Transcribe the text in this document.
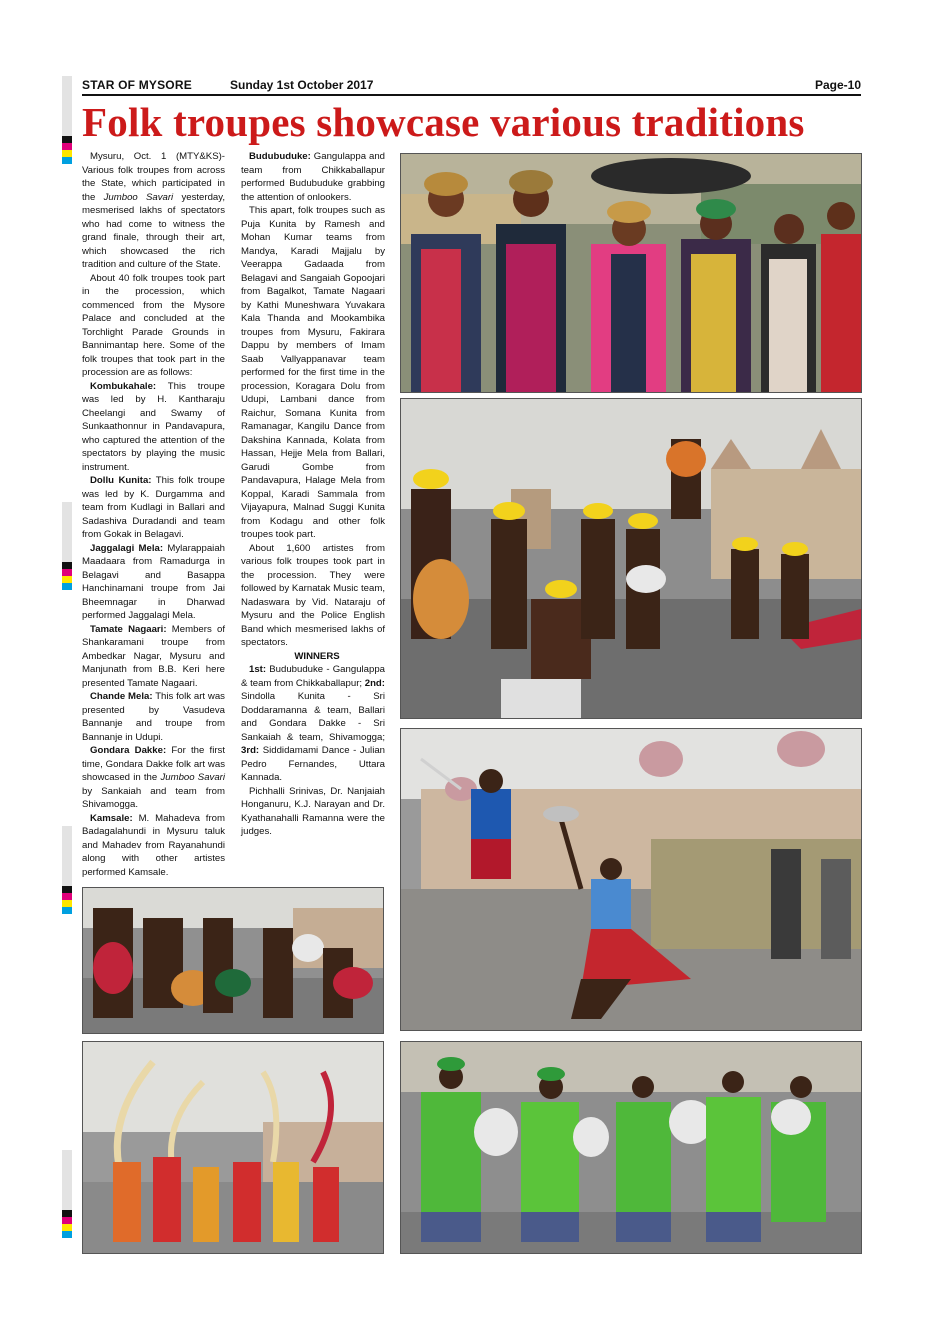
STAR OF MYSORE	Sunday 1st October 2017	Page-10
Folk troupes showcase various traditions

Mysuru, Oct. 1 (MTY&KS)- Various folk troupes from across the State, which participated in the Jumboo Savari yesterday, mesmerised lakhs of spectators who had come to witness the grand finale, through their art, which showcased the rich tradition and culture of the State.

About 40 folk troupes took part in the procession, which commenced from the Mysore Palace and concluded at the Torchlight Parade Grounds in Bannimantap here. Some of the folk troupes that took part in the procession are as follows:

Kombukahale: This troupe was led by H. Kantharaju Cheelangi and Swamy of Sunkaathonnur in Pandavapura, who captured the attention of the spectators by playing the music instrument.

Dollu Kunita: This folk troupe was led by K. Durgamma and team from Kudlagi in Ballari and Sadashiva Duradandi and team from Gokak in Belagavi.

Jaggalagi Mela: Mylarappaiah Maadaara from Ramadurga in Belagavi and Basappa Hanchinamani troupe from Jai Bheemnagar in Dharwad performed Jaggalagi Mela.

Tamate Nagaari: Members of Shankaramani troupe from Ambedkar Nagar, Mysuru and Manjunath from B.B. Keri here presented Tamate Nagaari.

Chande Mela: This folk art was presented by Vasudeva Bannanje and troupe from Bannanje in Udupi.

Gondara Dakke: For the first time, Gondara Dakke folk art was showcased in the Jumboo Savari by Sankaiah and team from Shivamogga.

Kamsale: M. Mahadeva from Badagalahundi in Mysuru taluk and Mahadev from Rayanahundi along with other artistes performed Kamsale.

Budubuduke: Gangulappa and team from Chikkaballapur performed Budubuduke grabbing the attention of onlookers.

This apart, folk troupes such as Puja Kunita by Ramesh and Mohan Kumar teams from Mandya, Karadi Majjalu by Veerappa Gadaada from Belagavi and Sangaiah Gopoojari from Bagalkot, Tamate Nagaari by Kathi Muneshwara Yuvakara Kala Thanda and Mookambika troupes from Mysuru, Fakirara Dappu by members of Imam Saab Vallyappanavar team performed for the first time in the procession, Koragara Dolu from Udupi, Lambani dance from Raichur, Somana Kunita from Ramanagar, Kangilu Dance from Dakshina Kannada, Kolata from Hassan, Hejje Mela from Ballari, Garudi Gombe from Pandavapura, Halage Mela from Koppal, Karadi Sammala from Vijayapura, Malnad Suggi Kunita from Kodagu and other folk troupes took part.

About 1,600 artistes from various folk troupes took part in the procession. They were followed by Karnatak Music team, Nadaswara by Vid. Nataraju of Mysuru and the Police English Band which mesmerised lakhs of spectators.

WINNERS

1st: Budubuduke - Gangulappa & team from Chikkaballapur; 2nd: Sindolla Kunita - Sri Doddaramanna & team, Ballari and Gondara Dakke - Sri Sankaiah & team, Shivamogga; 3rd: Siddidamami Dance - Julian Pedro Fernandes, Uttara Kannada.

Pichhalli Srinivas, Dr. Nanjaiah Honganuru, K.J. Narayan and Dr. Kyathanahalli Ramanna were the judges.
